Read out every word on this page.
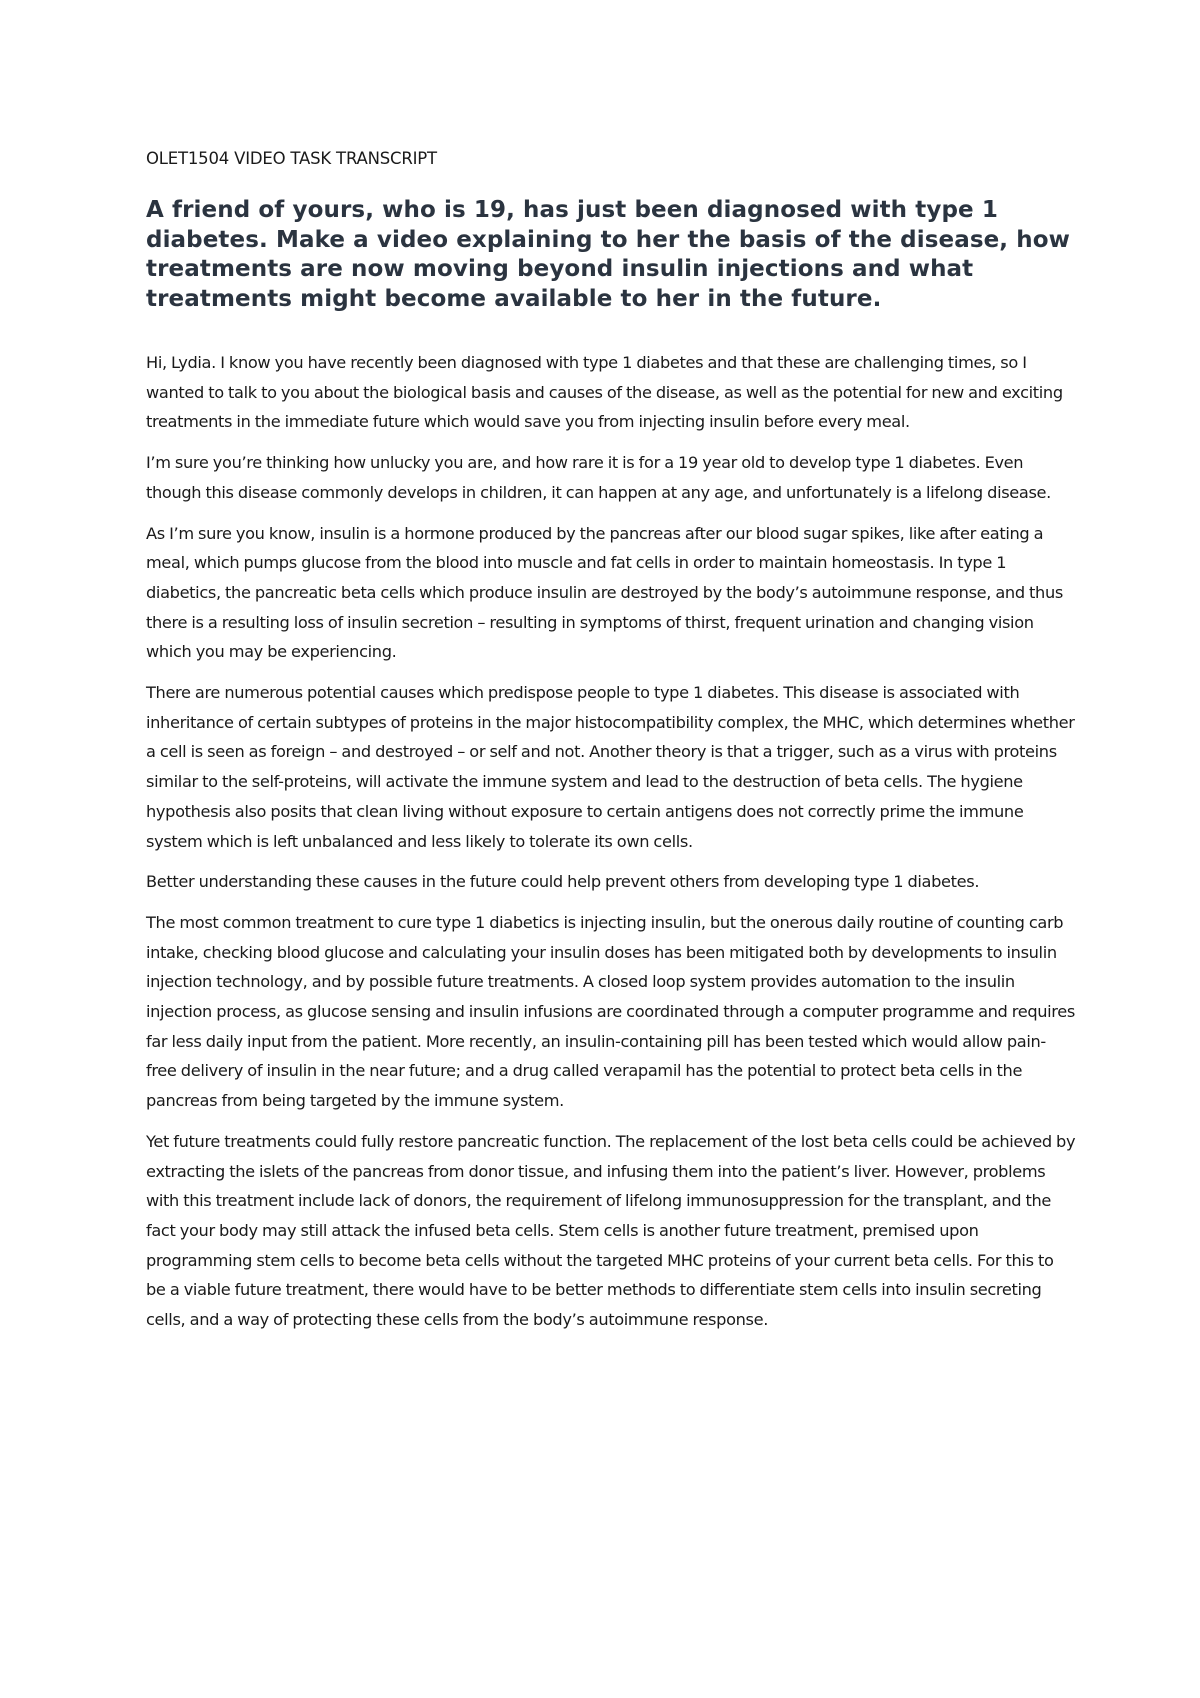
OLET1504 VIDEO TASK TRANSCRIPT
A friend of yours, who is 19, has just been diagnosed with type 1 diabetes. Make a video explaining to her the basis of the disease, how treatments are now moving beyond insulin injections and what treatments might become available to her in the future.

Hi, Lydia. I know you have recently been diagnosed with type 1 diabetes and that these are challenging times, so I wanted to talk to you about the biological basis and causes of the disease, as well as the potential for new and exciting treatments in the immediate future which would save you from injecting insulin before every meal.

I’m sure you’re thinking how unlucky you are, and how rare it is for a 19 year old to develop type 1 diabetes. Even though this disease commonly develops in children, it can happen at any age, and unfortunately is a lifelong disease.

As I’m sure you know, insulin is a hormone produced by the pancreas after our blood sugar spikes, like after eating a meal, which pumps glucose from the blood into muscle and fat cells in order to maintain homeostasis. In type 1 diabetics, the pancreatic beta cells which produce insulin are destroyed by the body’s autoimmune response, and thus there is a resulting loss of insulin secretion – resulting in symptoms of thirst, frequent urination and changing vision which you may be experiencing.

There are numerous potential causes which predispose people to type 1 diabetes. This disease is associated with inheritance of certain subtypes of proteins in the major histocompatibility complex, the MHC, which determines whether a cell is seen as foreign – and destroyed – or self and not. Another theory is that a trigger, such as a virus with proteins similar to the self-proteins, will activate the immune system and lead to the destruction of beta cells. The hygiene hypothesis also posits that clean living without exposure to certain antigens does not correctly prime the immune system which is left unbalanced and less likely to tolerate its own cells.

Better understanding these causes in the future could help prevent others from developing type 1 diabetes.

The most common treatment to cure type 1 diabetics is injecting insulin, but the onerous daily routine of counting carb intake, checking blood glucose and calculating your insulin doses has been mitigated both by developments to insulin injection technology, and by possible future treatments. A closed loop system provides automation to the insulin injection process, as glucose sensing and insulin infusions are coordinated through a computer programme and requires far less daily input from the patient. More recently, an insulin-containing pill has been tested which would allow pain-free delivery of insulin in the near future; and a drug called verapamil has the potential to protect beta cells in the pancreas from being targeted by the immune system.

Yet future treatments could fully restore pancreatic function. The replacement of the lost beta cells could be achieved by extracting the islets of the pancreas from donor tissue, and infusing them into the patient’s liver. However, problems with this treatment include lack of donors, the requirement of lifelong immunosuppression for the transplant, and the fact your body may still attack the infused beta cells. Stem cells is another future treatment, premised upon programming stem cells to become beta cells without the targeted MHC proteins of your current beta cells. For this to be a viable future treatment, there would have to be better methods to differentiate stem cells into insulin secreting cells, and a way of protecting these cells from the body’s autoimmune response.
